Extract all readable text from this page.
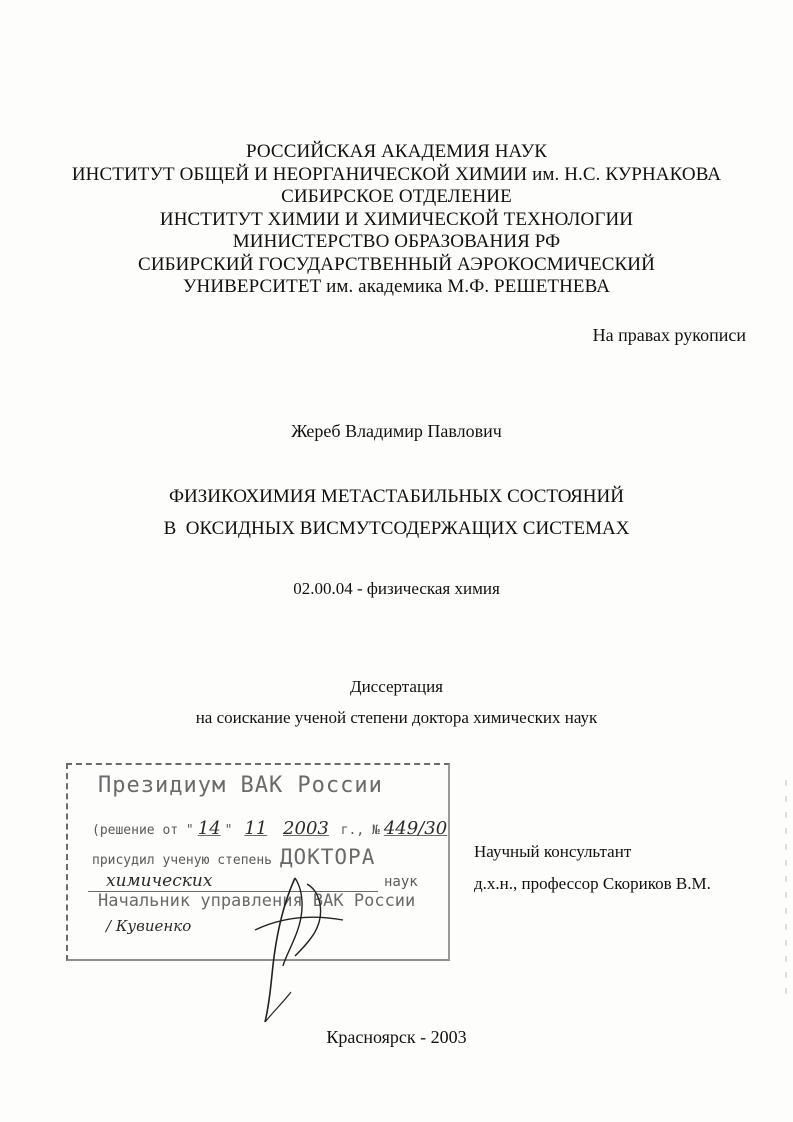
РОССИЙСКАЯ АКАДЕМИЯ НАУК
ИНСТИТУТ ОБЩЕЙ И НЕОРГАНИЧЕСКОЙ ХИМИИ им. Н.С. КУРНАКОВА
СИБИРСКОЕ ОТДЕЛЕНИЕ
ИНСТИТУТ ХИМИИ И ХИМИЧЕСКОЙ ТЕХНОЛОГИИ
МИНИСТЕРСТВО ОБРАЗОВАНИЯ РФ
СИБИРСКИЙ ГОСУДАРСТВЕННЫЙ АЭРОКОСМИЧЕСКИЙ
УНИВЕРСИТЕТ им. академика М.Ф. РЕШЕТНЕВА
На правах рукописи
Жереб Владимир Павлович
ФИЗИКОХИМИЯ МЕТАСТАБИЛЬНЫХ СОСТОЯНИЙ
В  ОКСИДНЫХ ВИСМУТСОДЕРЖАЩИХ СИСТЕМАХ
02.00.04 - физическая химия
Диссертация
на соискание ученой степени доктора химических наук
Президиум ВАК России
(решение от " 14 " 11 2003 г., № 449/30
присудил ученую степень ДОКТОРА
химических	наук
Начальник управления ВАК России
/ Кувиенко
Научный консультант
д.х.н., профессор Скориков В.М.
Красноярск - 2003
